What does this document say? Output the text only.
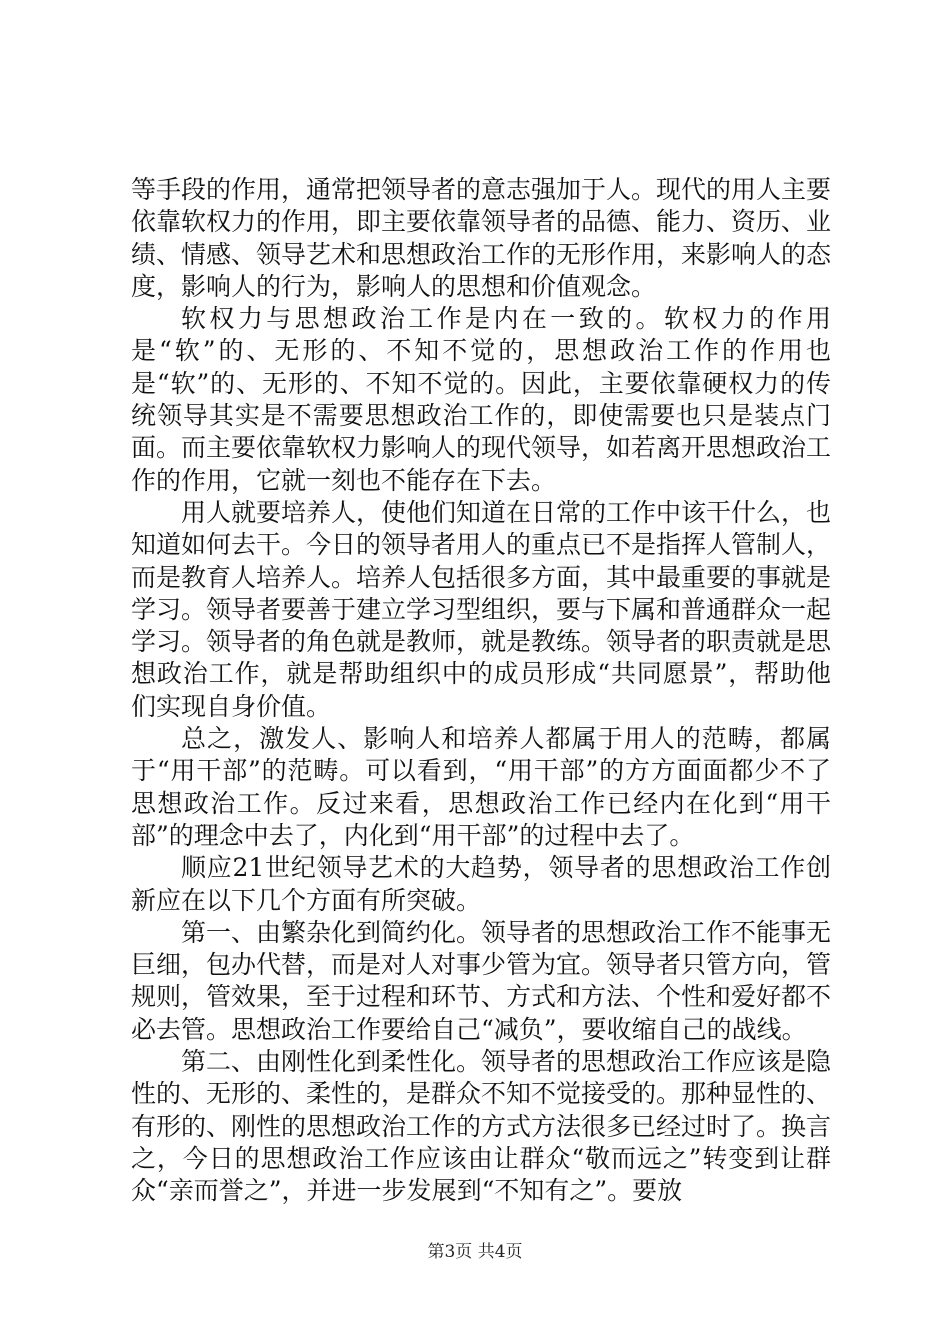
等手段的作用，通常把领导者的意志强加于人。现代的用人主要依靠软权力的作用，即主要依靠领导者的品德、能力、资历、业绩、情感、领导艺术和思想政治工作的无形作用，来影响人的态度，影响人的行为，影响人的思想和价值观念。

软权力与思想政治工作是内在一致的。软权力的作用是“软”的、无形的、不知不觉的，思想政治工作的作用也是“软”的、无形的、不知不觉的。因此，主要依靠硬权力的传统领导其实是不需要思想政治工作的，即使需要也只是装点门面。而主要依靠软权力影响人的现代领导，如若离开思想政治工作的作用，它就一刻也不能存在下去。

用人就要培养人，使他们知道在日常的工作中该干什么，也知道如何去干。今日的领导者用人的重点已不是指挥人管制人，而是教育人培养人。培养人包括很多方面，其中最重要的事就是学习。领导者要善于建立学习型组织，要与下属和普通群众一起学习。领导者的角色就是教师，就是教练。领导者的职责就是思想政治工作，就是帮助组织中的成员形成“共同愿景”，帮助他们实现自身价值。

总之，激发人、影响人和培养人都属于用人的范畴，都属于“用干部”的范畴。可以看到，“用干部”的方方面面都少不了思想政治工作。反过来看，思想政治工作已经内在化到“用干部”的理念中去了，内化到“用干部”的过程中去了。

顺应21世纪领导艺术的大趋势，领导者的思想政治工作创新应在以下几个方面有所突破。

第一、由繁杂化到简约化。领导者的思想政治工作不能事无巨细，包办代替，而是对人对事少管为宜。领导者只管方向，管规则，管效果，至于过程和环节、方式和方法、个性和爱好都不必去管。思想政治工作要给自己“减负”，要收缩自己的战线。

第二、由刚性化到柔性化。领导者的思想政治工作应该是隐性的、无形的、柔性的，是群众不知不觉接受的。那种显性的、有形的、刚性的思想政治工作的方式方法很多已经过时了。换言之，今日的思想政治工作应该由让群众“敬而远之”转变到让群众“亲而誉之”，并进一步发展到“不知有之”。要放

第3页 共4页
